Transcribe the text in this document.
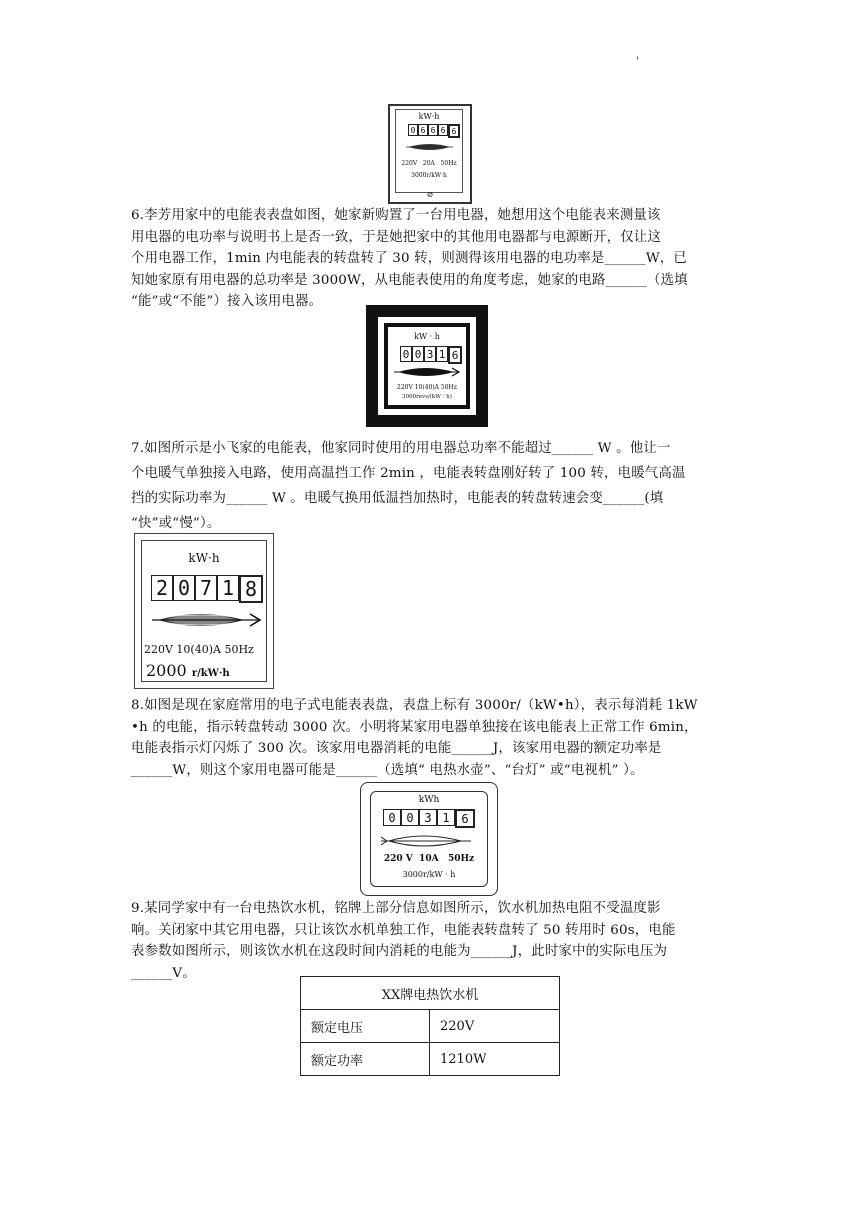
'
kW·h
0 6 6 6 6
220V   20A   50Hz
3000r/kW·h
⊘

6.李芳用家中的电能表表盘如图，她家新购置了一台用电器，她想用这个电能表来测量该

用电器的电功率与说明书上是否一致，于是她把家中的其他用电器都与电源断开，仅让这

个用电器工作，1min 内电能表的转盘转了 30 转，则测得该用电器的电功率是______W，已

知她家原有用电器的总功率是 3000W，从电能表使用的角度考虑，她家的电路______（选填

“能”或“不能”）接入该用电器。

kW · h
0 0 3 1 6
220V 10(40)A 50Hz
3000revs/(kW · h)

7.如图所示是小飞家的电能表，他家同时使用的用电器总功率不能超过______ W 。他让一

个电暖气单独接入电路，使用高温挡工作 2min ，电能表转盘刚好转了 100 转，电暖气高温

挡的实际功率为______ W 。电暖气换用低温挡加热时，电能表的转盘转速会变______(填

“快”或“慢”）。

kW·h
2 0 7 1 8
220V 10(40)A 50Hz
2000 r/kW·h

8.如图是现在家庭常用的电子式电能表表盘，表盘上标有 3000r/（kW•h），表示每消耗 1kW

•h 的电能，指示转盘转动 3000 次。小明将某家用电器单独接在该电能表上正常工作 6min，

电能表指示灯闪烁了 300 次。该家用电器消耗的电能______J，该家用电器的额定功率是

______W，则这个家用电器可能是______（选填“ 电热水壶”、“台灯” 或“电视机” ）。

kWh
0 0 3 1 6
220 V  10A   50Hz
3000r/kW · h

9.某同学家中有一台电热饮水机，铭牌上部分信息如图所示，饮水机加热电阻不受温度影

响。关闭家中其它用电器，只让该饮水机单独工作，电能表转盘转了 50 转用时 60s，电能

表参数如图所示，则该饮水机在这段时间内消耗的电能为______J，此时家中的实际电压为

______V。

XX牌电热饮水机	
额定电压	220V
额定功率	1210W
